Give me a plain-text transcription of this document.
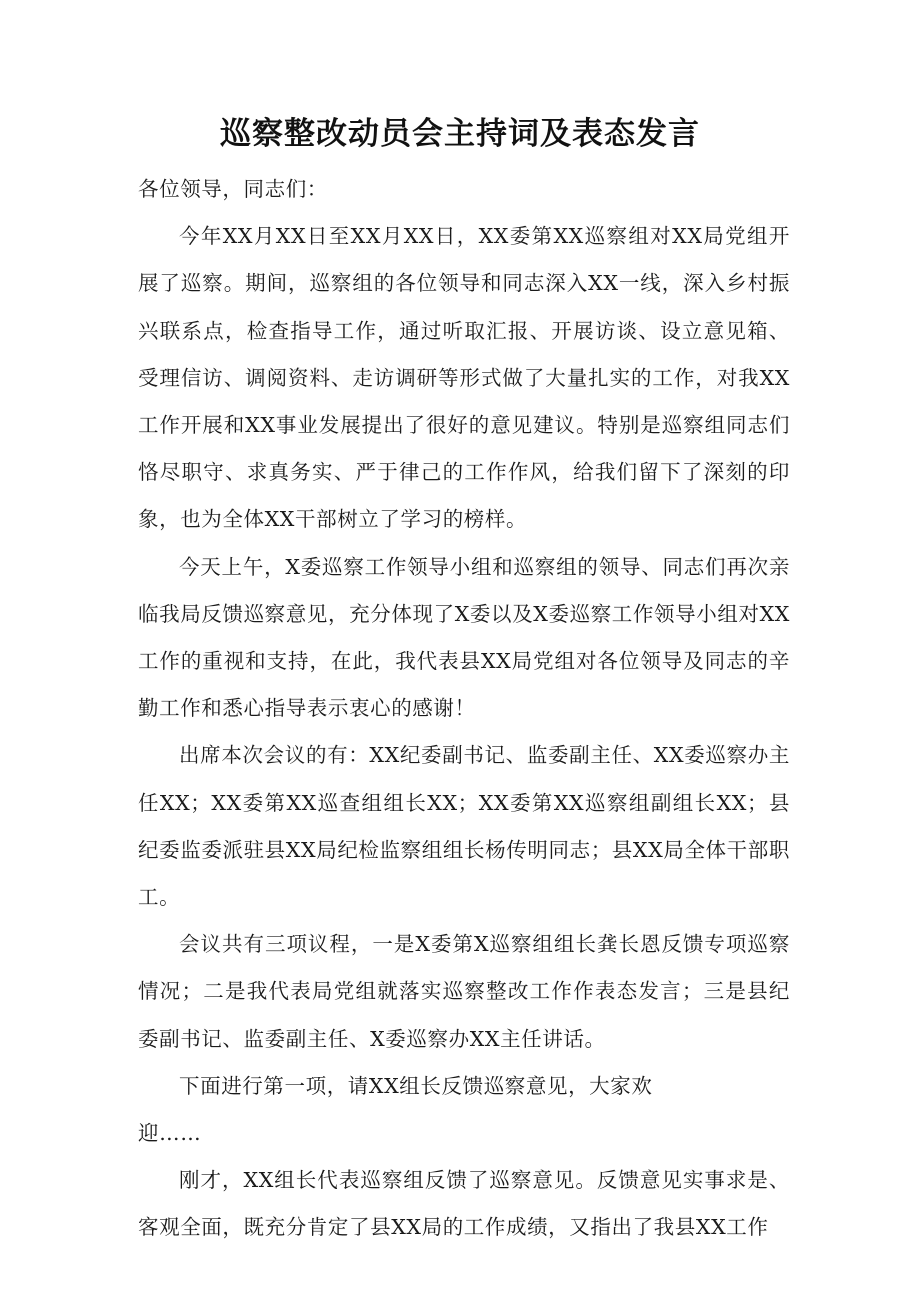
巡察整改动员会主持词及表态发言

各位领导，同志们：

今年XX月XX日至XX月XX日，XX委第XX巡察组对XX局党组开展了巡察。期间，巡察组的各位领导和同志深入XX一线，深入乡村振兴联系点，检查指导工作，通过听取汇报、开展访谈、设立意见箱、受理信访、调阅资料、走访调研等形式做了大量扎实的工作，对我XX工作开展和XX事业发展提出了很好的意见建议。特别是巡察组同志们恪尽职守、求真务实、严于律己的工作作风，给我们留下了深刻的印象，也为全体XX干部树立了学习的榜样。

今天上午，X委巡察工作领导小组和巡察组的领导、同志们再次亲临我局反馈巡察意见，充分体现了X委以及X委巡察工作领导小组对XX工作的重视和支持，在此，我代表县XX局党组对各位领导及同志的辛勤工作和悉心指导表示衷心的感谢！

出席本次会议的有：XX纪委副书记、监委副主任、XX委巡察办主任XX；XX委第XX巡查组组长XX；XX委第XX巡察组副组长XX；县纪委监委派驻县XX局纪检监察组组长杨传明同志；县XX局全体干部职工。

会议共有三项议程，一是X委第X巡察组组长龚长恩反馈专项巡察情况；二是我代表局党组就落实巡察整改工作作表态发言；三是县纪委副书记、监委副主任、X委巡察办XX主任讲话。

下面进行第一项，请XX组长反馈巡察意见，大家欢迎……

刚才，XX组长代表巡察组反馈了巡察意见。反馈意见实事求是、客观全面，既充分肯定了县XX局的工作成绩，又指出了我县XX工作
